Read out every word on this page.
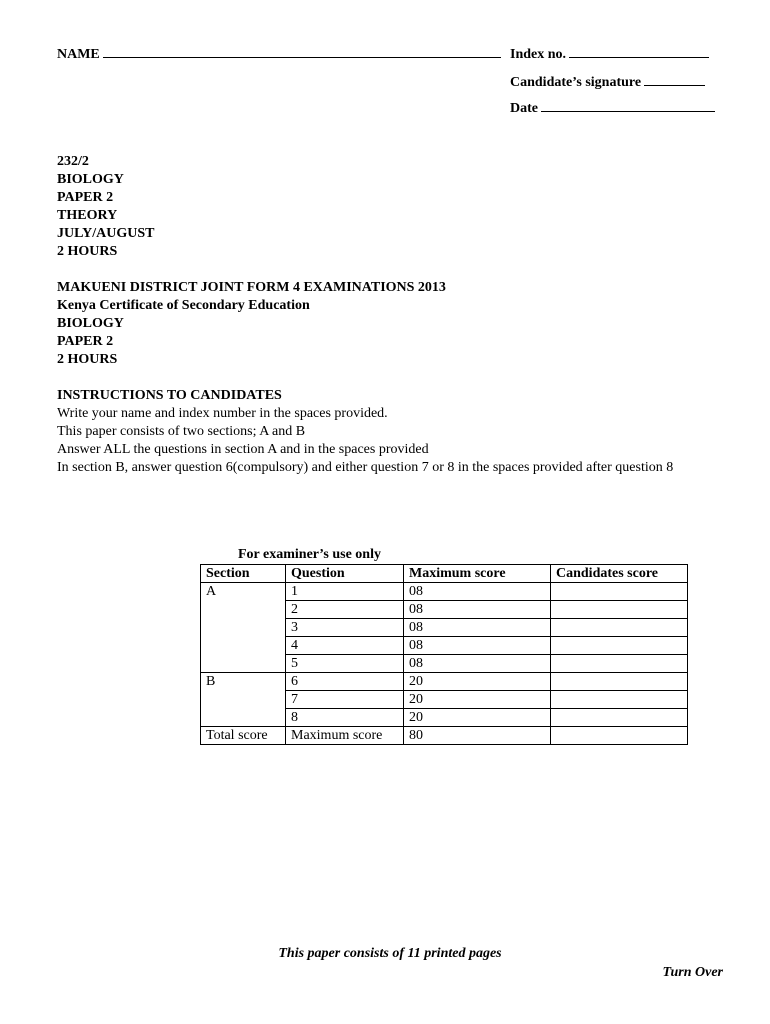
NAME	Index no.
Candidate’s signature
Date
232/2
BIOLOGY
PAPER 2
THEORY
JULY/AUGUST
2 HOURS
MAKUENI DISTRICT JOINT FORM 4 EXAMINATIONS 2013
Kenya Certificate of Secondary Education
BIOLOGY
PAPER 2
2 HOURS
INSTRUCTIONS TO CANDIDATES
Write your name and index number in the spaces provided.
This paper consists of two sections; A and B
Answer ALL the questions in section A and in the spaces provided
In section B, answer question 6(compulsory) and either question 7 or 8 in the spaces provided after question 8
For examiner’s use only
Section	Question	Maximum score	Candidates score
A	1	08	
	2	08	
	3	08	
	4	08	
	5	08	
B	6	20	
	7	20	
	8	20	
Total score	Maximum score	80	
This paper consists of 11 printed pages
Turn Over
